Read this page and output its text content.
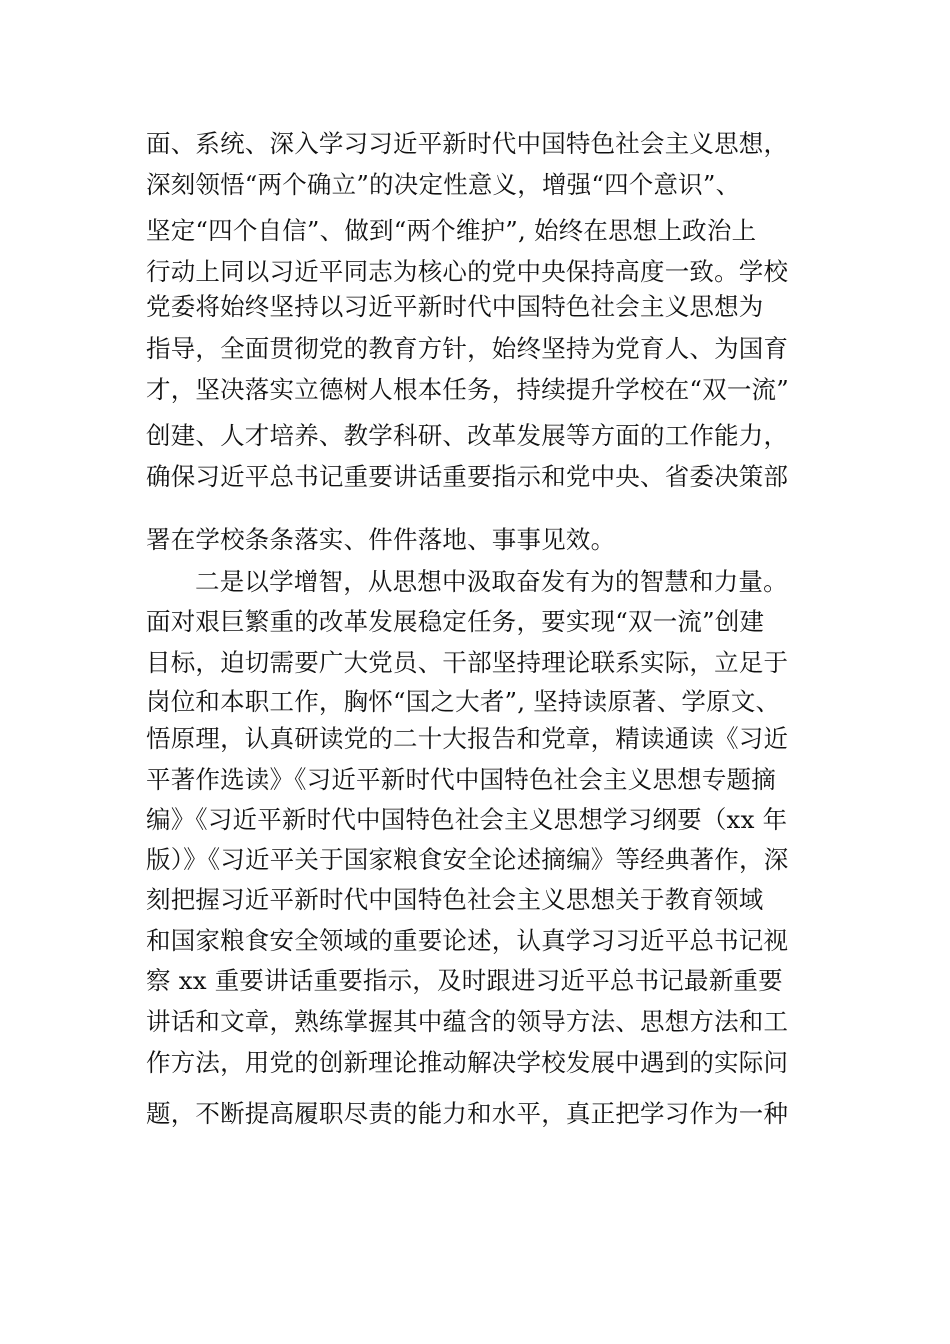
面、系统、深入学习习近平新时代中国特色社会主义思想，
深刻领悟“两个确立”的决定性意义，增强“四个意识”、
坚定“四个自信”、做到“两个维护”, 始终在思想上政治上
行动上同以习近平同志为核心的党中央保持高度一致。学校
党委将始终坚持以习近平新时代中国特色社会主义思想为
指导，全面贯彻党的教育方针，始终坚持为党育人、为国育
才，坚决落实立德树人根本任务，持续提升学校在“双一流”
创建、人才培养、教学科研、改革发展等方面的工作能力，
确保习近平总书记重要讲话重要指示和党中央、省委决策部
署在学校条条落实、件件落地、事事见效。
二是以学增智，从思想中汲取奋发有为的智慧和力量。
面对艰巨繁重的改革发展稳定任务，要实现“双一流”创建
目标，迫切需要广大党员、干部坚持理论联系实际，立足于
岗位和本职工作，胸怀“国之大者”, 坚持读原著、学原文、
悟原理，认真研读党的二十大报告和党章，精读通读《习近
平著作选读》《习近平新时代中国特色社会主义思想专题摘
编》《习近平新时代中国特色社会主义思想学习纲要（xx 年
版）》《习近平关于国家粮食安全论述摘编》等经典著作，深
刻把握习近平新时代中国特色社会主义思想关于教育领域
和国家粮食安全领域的重要论述，认真学习习近平总书记视
察 xx 重要讲话重要指示，及时跟进习近平总书记最新重要
讲话和文章，熟练掌握其中蕴含的领导方法、思想方法和工
作方法，用党的创新理论推动解决学校发展中遇到的实际问
题，不断提高履职尽责的能力和水平，真正把学习作为一种
